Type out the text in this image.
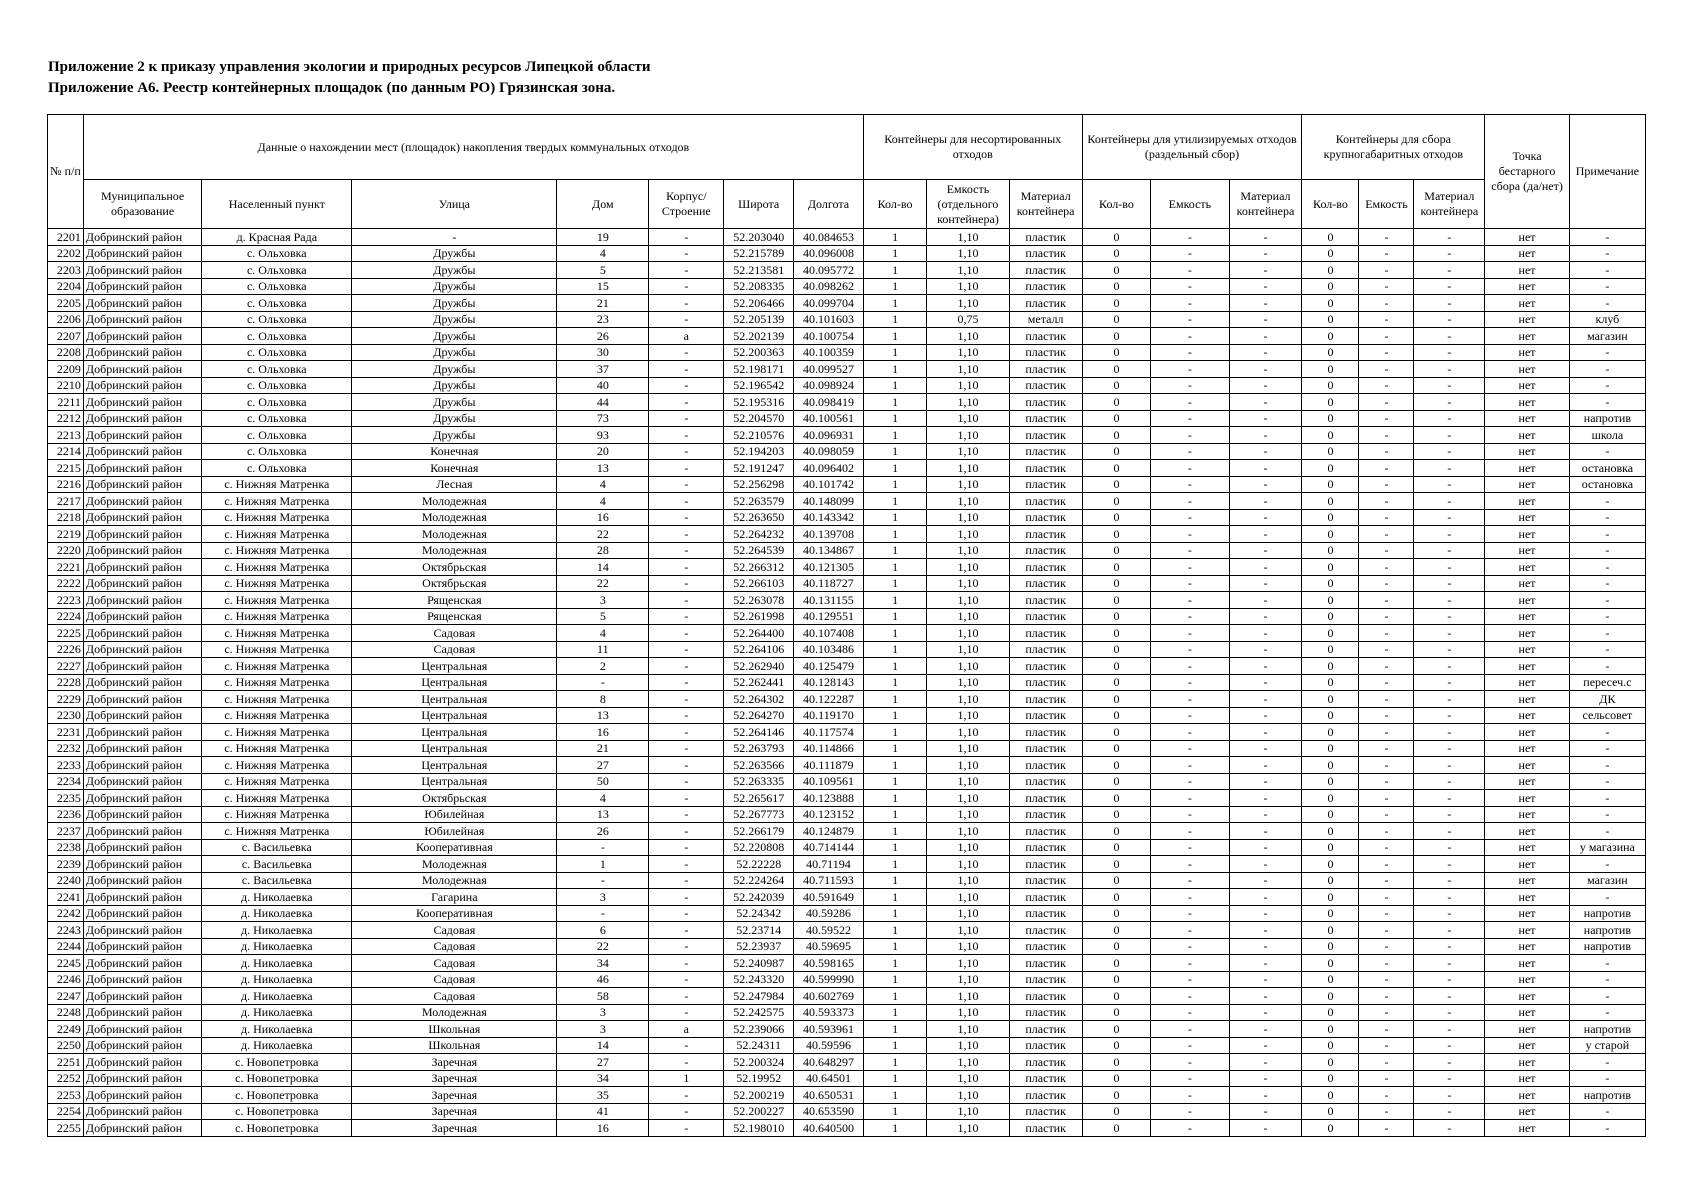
Приложение 2 к приказу управления экологии и природных ресурсов Липецкой области
Приложение А6. Реестр контейнерных площадок (по данным РО) Грязинская зона.
№ п/п	Данные о нахождении мест (площадок) накопления твердых коммунальных отходов							Контейнеры для несортированных отходов			Контейнеры для утилизируемых отходов (раздельный сбор)			Контейнеры для сбора крупногабаритных отходов			Точка бестарного сбора (да/нет)	Примечание
	Муниципальное образование	Населенный пункт	Улица	Дом	Корпус/ Строение	Широта	Долгота	Кол-во	Емкость (отдельного контейнера)	Материал контейнера	Кол-во	Емкость	Материал контейнера	Кол-во	Емкость	Материал контейнера		
2201	Добринский район	д. Красная Рада	-	19	-	52.203040	40.084653	1	1,10	пластик	0	-	-	0	-	-	нет	-
2202	Добринский район	с. Ольховка	Дружбы	4	-	52.215789	40.096008	1	1,10	пластик	0	-	-	0	-	-	нет	-
2203	Добринский район	с. Ольховка	Дружбы	5	-	52.213581	40.095772	1	1,10	пластик	0	-	-	0	-	-	нет	-
2204	Добринский район	с. Ольховка	Дружбы	15	-	52.208335	40.098262	1	1,10	пластик	0	-	-	0	-	-	нет	-
2205	Добринский район	с. Ольховка	Дружбы	21	-	52.206466	40.099704	1	1,10	пластик	0	-	-	0	-	-	нет	-
2206	Добринский район	с. Ольховка	Дружбы	23	-	52.205139	40.101603	1	0,75	металл	0	-	-	0	-	-	нет	клуб
2207	Добринский район	с. Ольховка	Дружбы	26	а	52.202139	40.100754	1	1,10	пластик	0	-	-	0	-	-	нет	магазин
2208	Добринский район	с. Ольховка	Дружбы	30	-	52.200363	40.100359	1	1,10	пластик	0	-	-	0	-	-	нет	-
2209	Добринский район	с. Ольховка	Дружбы	37	-	52.198171	40.099527	1	1,10	пластик	0	-	-	0	-	-	нет	-
2210	Добринский район	с. Ольховка	Дружбы	40	-	52.196542	40.098924	1	1,10	пластик	0	-	-	0	-	-	нет	-
2211	Добринский район	с. Ольховка	Дружбы	44	-	52.195316	40.098419	1	1,10	пластик	0	-	-	0	-	-	нет	-
2212	Добринский район	с. Ольховка	Дружбы	73	-	52.204570	40.100561	1	1,10	пластик	0	-	-	0	-	-	нет	напротив
2213	Добринский район	с. Ольховка	Дружбы	93	-	52.210576	40.096931	1	1,10	пластик	0	-	-	0	-	-	нет	школа
2214	Добринский район	с. Ольховка	Конечная	20	-	52.194203	40.098059	1	1,10	пластик	0	-	-	0	-	-	нет	-
2215	Добринский район	с. Ольховка	Конечная	13	-	52.191247	40.096402	1	1,10	пластик	0	-	-	0	-	-	нет	остановка
2216	Добринский район	с. Нижняя Матренка	Лесная	4	-	52.256298	40.101742	1	1,10	пластик	0	-	-	0	-	-	нет	остановка
2217	Добринский район	с. Нижняя Матренка	Молодежная	4	-	52.263579	40.148099	1	1,10	пластик	0	-	-	0	-	-	нет	-
2218	Добринский район	с. Нижняя Матренка	Молодежная	16	-	52.263650	40.143342	1	1,10	пластик	0	-	-	0	-	-	нет	-
2219	Добринский район	с. Нижняя Матренка	Молодежная	22	-	52.264232	40.139708	1	1,10	пластик	0	-	-	0	-	-	нет	-
2220	Добринский район	с. Нижняя Матренка	Молодежная	28	-	52.264539	40.134867	1	1,10	пластик	0	-	-	0	-	-	нет	-
2221	Добринский район	с. Нижняя Матренка	Октябрьская	14	-	52.266312	40.121305	1	1,10	пластик	0	-	-	0	-	-	нет	-
2222	Добринский район	с. Нижняя Матренка	Октябрьская	22	-	52.266103	40.118727	1	1,10	пластик	0	-	-	0	-	-	нет	-
2223	Добринский район	с. Нижняя Матренка	Рященская	3	-	52.263078	40.131155	1	1,10	пластик	0	-	-	0	-	-	нет	-
2224	Добринский район	с. Нижняя Матренка	Рященская	5	-	52.261998	40.129551	1	1,10	пластик	0	-	-	0	-	-	нет	-
2225	Добринский район	с. Нижняя Матренка	Садовая	4	-	52.264400	40.107408	1	1,10	пластик	0	-	-	0	-	-	нет	-
2226	Добринский район	с. Нижняя Матренка	Садовая	11	-	52.264106	40.103486	1	1,10	пластик	0	-	-	0	-	-	нет	-
2227	Добринский район	с. Нижняя Матренка	Центральная	2	-	52.262940	40.125479	1	1,10	пластик	0	-	-	0	-	-	нет	-
2228	Добринский район	с. Нижняя Матренка	Центральная	-	-	52.262441	40.128143	1	1,10	пластик	0	-	-	0	-	-	нет	пересеч.с
2229	Добринский район	с. Нижняя Матренка	Центральная	8	-	52.264302	40.122287	1	1,10	пластик	0	-	-	0	-	-	нет	ДК
2230	Добринский район	с. Нижняя Матренка	Центральная	13	-	52.264270	40.119170	1	1,10	пластик	0	-	-	0	-	-	нет	сельсовет
2231	Добринский район	с. Нижняя Матренка	Центральная	16	-	52.264146	40.117574	1	1,10	пластик	0	-	-	0	-	-	нет	-
2232	Добринский район	с. Нижняя Матренка	Центральная	21	-	52.263793	40.114866	1	1,10	пластик	0	-	-	0	-	-	нет	-
2233	Добринский район	с. Нижняя Матренка	Центральная	27	-	52.263566	40.111879	1	1,10	пластик	0	-	-	0	-	-	нет	-
2234	Добринский район	с. Нижняя Матренка	Центральная	50	-	52.263335	40.109561	1	1,10	пластик	0	-	-	0	-	-	нет	-
2235	Добринский район	с. Нижняя Матренка	Октябрьская	4	-	52.265617	40.123888	1	1,10	пластик	0	-	-	0	-	-	нет	-
2236	Добринский район	с. Нижняя Матренка	Юбилейная	13	-	52.267773	40.123152	1	1,10	пластик	0	-	-	0	-	-	нет	-
2237	Добринский район	с. Нижняя Матренка	Юбилейная	26	-	52.266179	40.124879	1	1,10	пластик	0	-	-	0	-	-	нет	-
2238	Добринский район	с. Васильевка	Кооперативная	-	-	52.220808	40.714144	1	1,10	пластик	0	-	-	0	-	-	нет	у магазина
2239	Добринский район	с. Васильевка	Молодежная	1	-	52.22228	40.71194	1	1,10	пластик	0	-	-	0	-	-	нет	-
2240	Добринский район	с. Васильевка	Молодежная	-	-	52.224264	40.711593	1	1,10	пластик	0	-	-	0	-	-	нет	магазин
2241	Добринский район	д. Николаевка	Гагарина	3	-	52.242039	40.591649	1	1,10	пластик	0	-	-	0	-	-	нет	-
2242	Добринский район	д. Николаевка	Кооперативная	-	-	52.24342	40.59286	1	1,10	пластик	0	-	-	0	-	-	нет	напротив
2243	Добринский район	д. Николаевка	Садовая	6	-	52.23714	40.59522	1	1,10	пластик	0	-	-	0	-	-	нет	напротив
2244	Добринский район	д. Николаевка	Садовая	22	-	52.23937	40.59695	1	1,10	пластик	0	-	-	0	-	-	нет	напротив
2245	Добринский район	д. Николаевка	Садовая	34	-	52.240987	40.598165	1	1,10	пластик	0	-	-	0	-	-	нет	-
2246	Добринский район	д. Николаевка	Садовая	46	-	52.243320	40.599990	1	1,10	пластик	0	-	-	0	-	-	нет	-
2247	Добринский район	д. Николаевка	Садовая	58	-	52.247984	40.602769	1	1,10	пластик	0	-	-	0	-	-	нет	-
2248	Добринский район	д. Николаевка	Молодежная	3	-	52.242575	40.593373	1	1,10	пластик	0	-	-	0	-	-	нет	-
2249	Добринский район	д. Николаевка	Школьная	3	а	52.239066	40.593961	1	1,10	пластик	0	-	-	0	-	-	нет	напротив
2250	Добринский район	д. Николаевка	Школьная	14	-	52.24311	40.59596	1	1,10	пластик	0	-	-	0	-	-	нет	у старой
2251	Добринский район	с. Новопетровка	Заречная	27	-	52.200324	40.648297	1	1,10	пластик	0	-	-	0	-	-	нет	-
2252	Добринский район	с. Новопетровка	Заречная	34	1	52.19952	40.64501	1	1,10	пластик	0	-	-	0	-	-	нет	-
2253	Добринский район	с. Новопетровка	Заречная	35	-	52.200219	40.650531	1	1,10	пластик	0	-	-	0	-	-	нет	напротив
2254	Добринский район	с. Новопетровка	Заречная	41	-	52.200227	40.653590	1	1,10	пластик	0	-	-	0	-	-	нет	-
2255	Добринский район	с. Новопетровка	Заречная	16	-	52.198010	40.640500	1	1,10	пластик	0	-	-	0	-	-	нет	-
